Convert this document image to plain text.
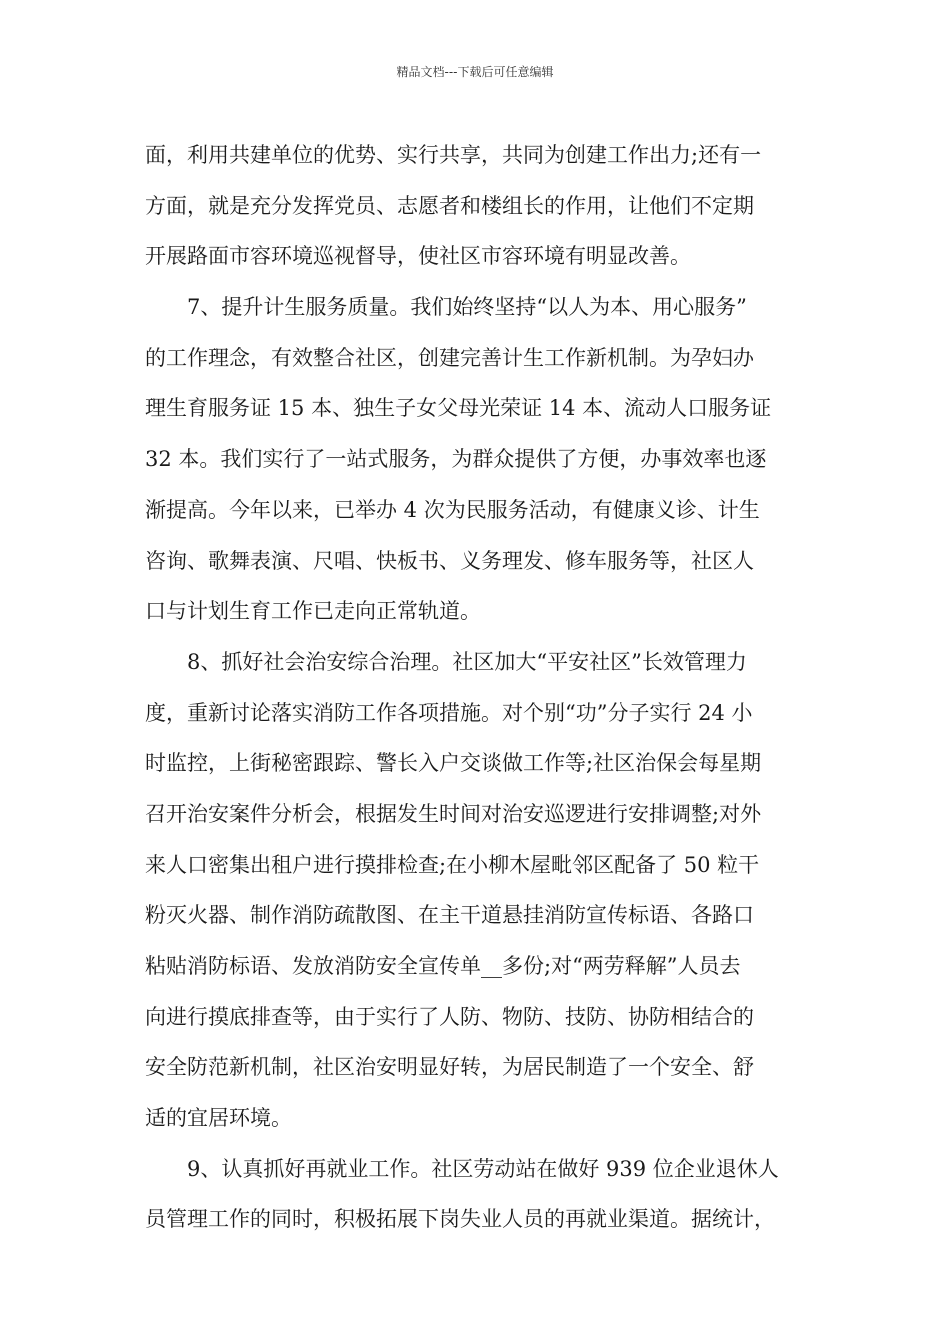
精品文档---下载后可任意编辑
面，利用共建单位的优势、实行共享，共同为创建工作出力;还有一
方面，就是充分发挥党员、志愿者和楼组长的作用，让他们不定期
开展路面市容环境巡视督导，使社区市容环境有明显改善。
7、提升计生服务质量。我们始终坚持“以人为本、用心服务”
的工作理念，有效整合社区，创建完善计生工作新机制。为孕妇办
理生育服务证 15 本、独生子女父母光荣证 14 本、流动人口服务证
32 本。我们实行了一站式服务，为群众提供了方便，办事效率也逐
渐提高。今年以来，已举办 4 次为民服务活动，有健康义诊、计生
咨询、歌舞表演、尺唱、快板书、义务理发、修车服务等，社区人
口与计划生育工作已走向正常轨道。
8、抓好社会治安综合治理。社区加大“平安社区”长效管理力
度，重新讨论落实消防工作各项措施。对个别“功”分子实行 24 小
时监控，上街秘密跟踪、警长入户交谈做工作等;社区治保会每星期
召开治安案件分析会，根据发生时间对治安巡逻进行安排调整;对外
来人口密集出租户进行摸排检查;在小柳木屋毗邻区配备了 50 粒干
粉灭火器、制作消防疏散图、在主干道悬挂消防宣传标语、各路口
粘贴消防标语、发放消防安全宣传单__多份;对“两劳释解”人员去
向进行摸底排查等，由于实行了人防、物防、技防、协防相结合的
安全防范新机制，社区治安明显好转，为居民制造了一个安全、舒
适的宜居环境。
9、认真抓好再就业工作。社区劳动站在做好 939 位企业退休人
员管理工作的同时，积极拓展下岗失业人员的再就业渠道。据统计，
